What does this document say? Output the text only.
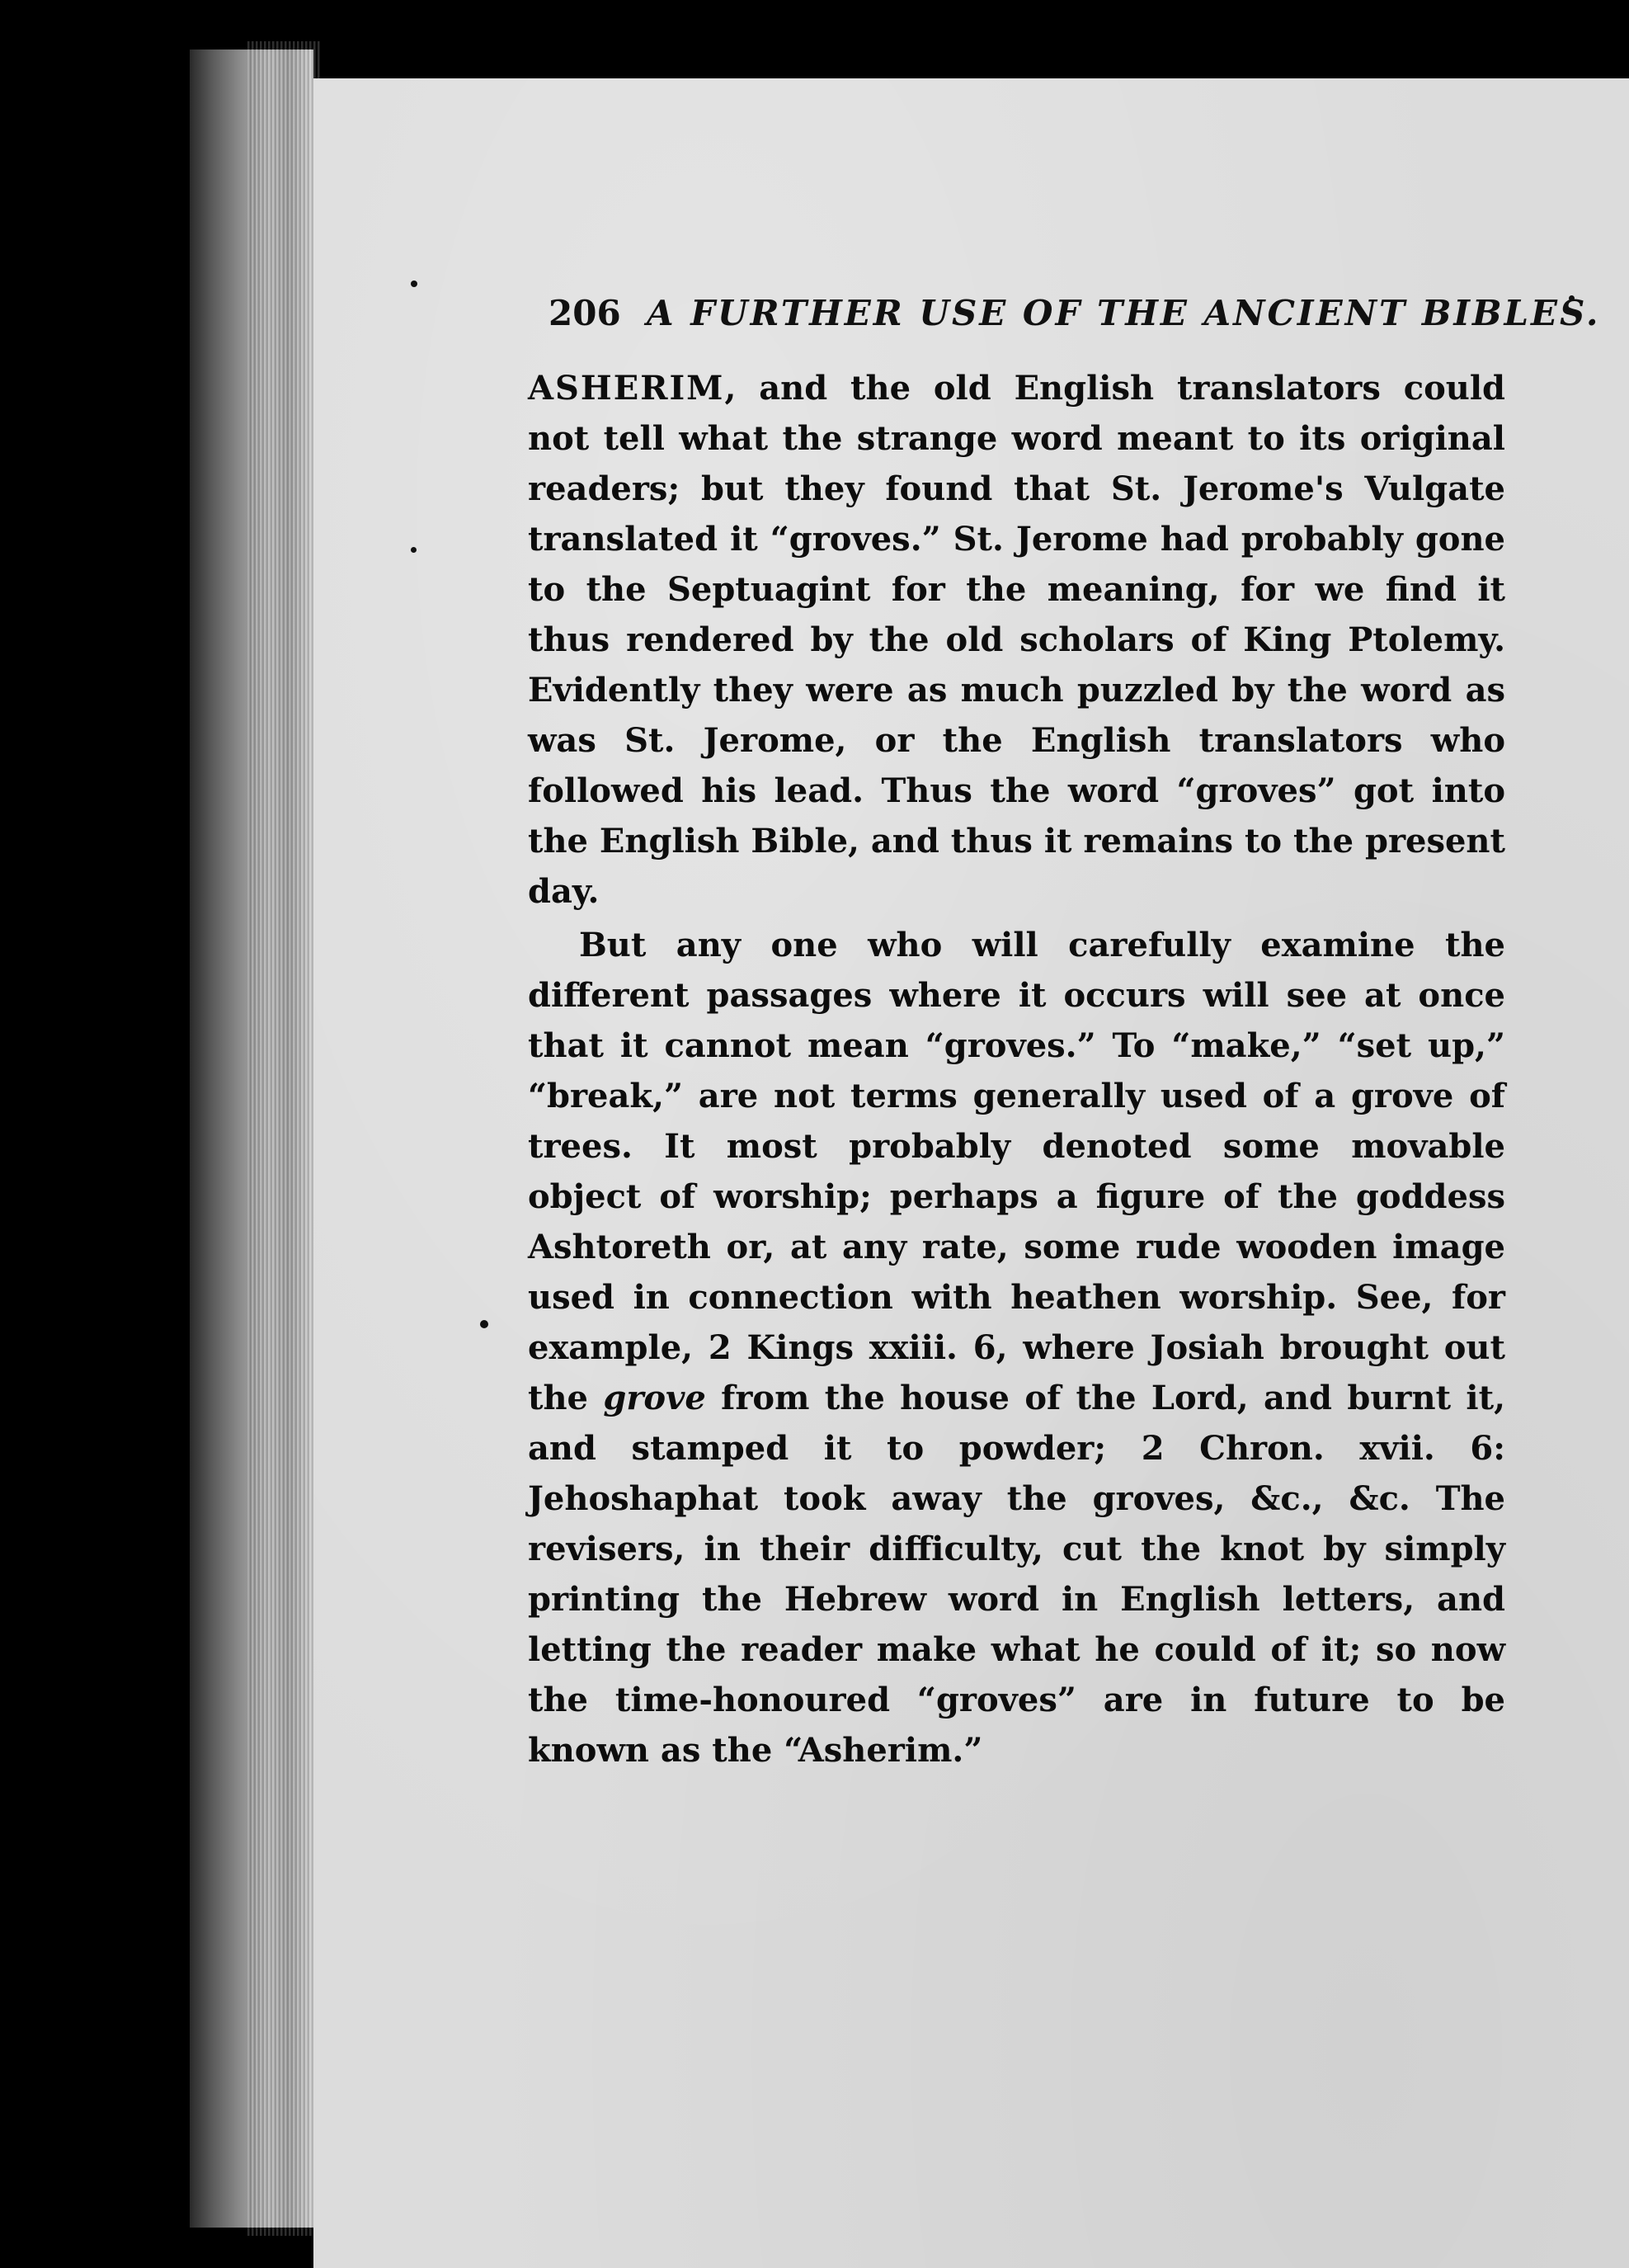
206 A FURTHER USE OF THE ANCIENT BIBLES.

ASHERIM, and the old English translators could not tell what the strange word meant to its original readers; but they found that St. Jerome's Vulgate translated it “groves.” St. Jerome had probably gone to the Septuagint for the meaning, for we find it thus rendered by the old scholars of King Ptolemy. Evidently they were as much puzzled by the word as was St. Jerome, or the English translators who followed his lead. Thus the word “groves” got into the English Bible, and thus it remains to the present day.

But any one who will carefully examine the different passages where it occurs will see at once that it cannot mean “groves.” To “make,” “set up,” “break,” are not terms generally used of a grove of trees. It most probably denoted some movable object of worship; perhaps a figure of the goddess Ashtoreth or, at any rate, some rude wooden image used in connection with heathen worship. See, for example, 2 Kings xxiii. 6, where Josiah brought out the grove from the house of the Lord, and burnt it, and stamped it to powder; 2 Chron. xvii. 6: Jehoshaphat took away the groves, &c., &c. The revisers, in their difficulty, cut the knot by simply printing the Hebrew word in English letters, and letting the reader make what he could of it; so now the time-honoured “groves” are in future to be known as the “Asherim.”
